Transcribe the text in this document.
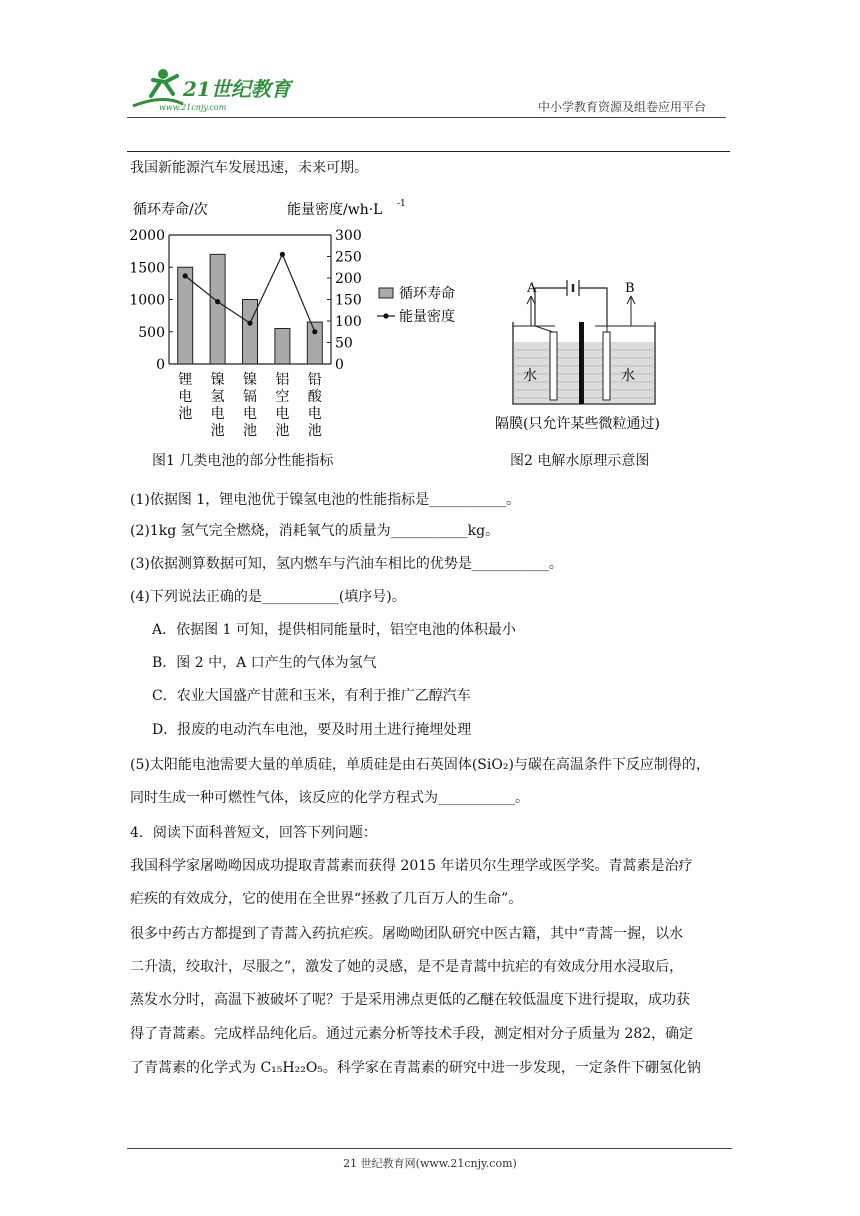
21世纪教育
www.21cnjy.com	中小学教育资源及组卷应用平台
我国新能源汽车发展迅速，未来可期。
循环寿命/次	能量密度/wh·L -1
2000
1500
1000
500
0
300
250
200
150
100
50
0
锂
电
池
镍
氢
电
池
镍
镉
电
池
铝
空
电
池
铅
酸
电
池
循环寿命
能量密度
图1 几类电池的部分性能指标
A	B
水	水
隔膜(只允许某些微粒通过)
图2 电解水原理示意图
(1)依据图 1，锂电池优于镍氢电池的性能指标是___________。
(2)1kg 氢气完全燃烧，消耗氧气的质量为___________kg。
(3)依据测算数据可知，氢内燃车与汽油车相比的优势是___________。
(4)下列说法正确的是___________(填序号)。
A．依据图 1 可知，提供相同能量时，铝空电池的体积最小
B．图 2 中，A 口产生的气体为氢气
C．农业大国盛产甘蔗和玉米，有利于推广乙醇汽车
D．报废的电动汽车电池，要及时用土进行掩埋处理
(5)太阳能电池需要大量的单质硅，单质硅是由石英固体(SiO₂)与碳在高温条件下反应制得的，
同时生成一种可燃性气体，该反应的化学方程式为___________。
4．阅读下面科普短文，回答下列问题：
我国科学家屠呦呦因成功提取青蒿素而获得 2015 年诺贝尔生理学或医学奖。青蒿素是治疗
疟疾的有效成分，它的使用在全世界“拯救了几百万人的生命”。
很多中药古方都提到了青蒿入药抗疟疾。屠呦呦团队研究中医古籍，其中“青蒿一握，以水
二升渍，绞取汁，尽服之”，激发了她的灵感，是不是青蒿中抗疟的有效成分用水浸取后，
蒸发水分时，高温下被破坏了呢？于是采用沸点更低的乙醚在较低温度下进行提取，成功获
得了青蒿素。完成样品纯化后。通过元素分析等技术手段，测定相对分子质量为 282，确定
了青蒿素的化学式为 C₁₅H₂₂O₅。科学家在青蒿素的研究中进一步发现，一定条件下硼氢化钠
21 世纪教育网(www.21cnjy.com)
